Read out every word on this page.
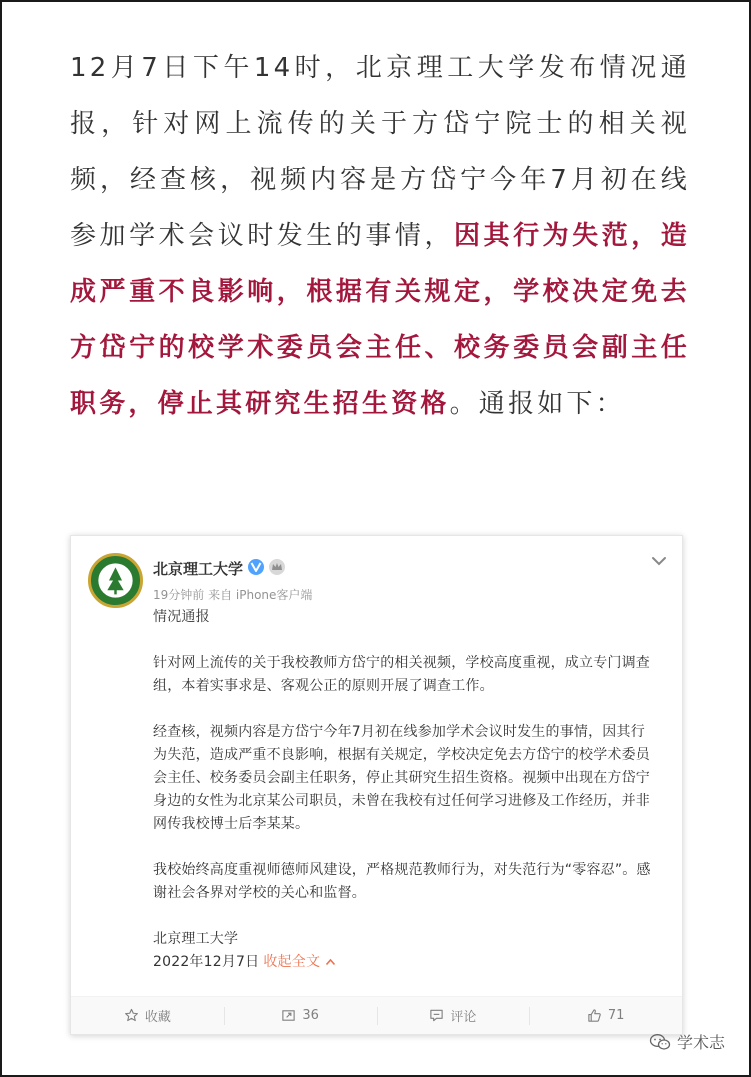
12月7日下午14时，北京理工大学发布情况通报，针对网上流传的关于方岱宁院士的相关视频，经查核，视频内容是方岱宁今年7月初在线参加学术会议时发生的事情，因其行为失范，造成严重不良影响，根据有关规定，学校决定免去方岱宁的校学术委员会主任、校务委员会副主任职务，停止其研究生招生资格。通报如下：
北京理工大学
19分钟前 来自 iPhone客户端

情况通报

针对网上流传的关于我校教师方岱宁的相关视频，学校高度重视，成立专门调查组，本着实事求是、客观公正的原则开展了调查工作。

经查核，视频内容是方岱宁今年7月初在线参加学术会议时发生的事情，因其行为失范，造成严重不良影响，根据有关规定，学校决定免去方岱宁的校学术委员会主任、校务委员会副主任职务，停止其研究生招生资格。视频中出现在方岱宁身边的女性为北京某公司职员，未曾在我校有过任何学习进修及工作经历，并非网传我校博士后李某某。

我校始终高度重视师德师风建设，严格规范教师行为，对失范行为“零容忍”。感谢社会各界对学校的关心和监督。

北京理工大学

2022年12月7日 收起全文

收藏	36	评论	71
学术志
